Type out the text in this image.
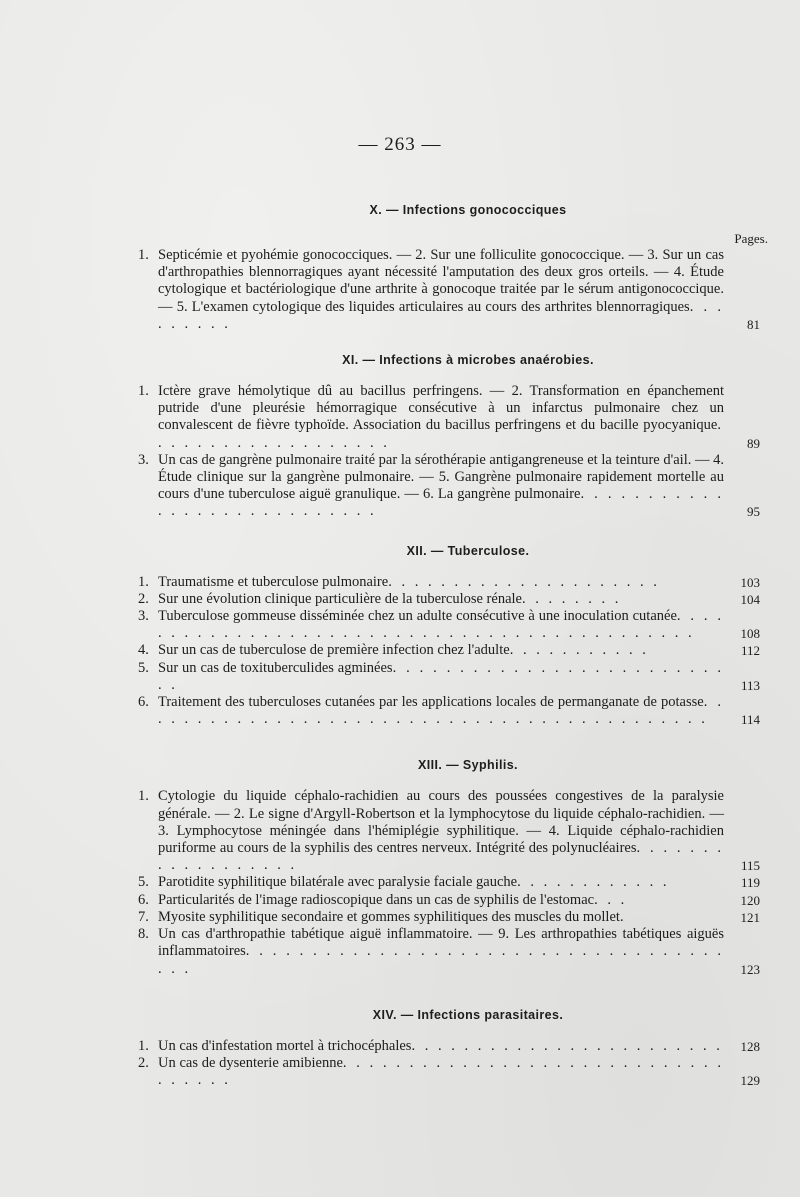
— 263 —
X. — Infections gonococciques
Pages.
1. Septicémie et pyohémie gonococciques. — 2. Sur une folliculite gonococcique. — 3. Sur un cas d'arthropathies blennorragiques ayant nécessité l'amputation des deux gros orteils. — 4. Étude cytologique et bactériologique d'une arthrite à gonocoque traitée par le sérum antigonococcique. — 5. L'examen cytologique des liquides articulaires au cours des arthrites blennorragiques. . . . . . . . .	81
XI. — Infections à microbes anaérobies.
1. Ictère grave hémolytique dû au bacillus perfringens. — 2. Transformation en épanchement putride d'une pleurésie hémorragique consécutive à un infarctus pulmonaire chez un convalescent de fièvre typhoïde. Association du bacillus perfringens et du bacille pyocyanique. . . . . . . . . . . . . . . . . . .	89
3. Un cas de gangrène pulmonaire traité par la sérothérapie antigangreneuse et la teinture d'ail. — 4. Étude clinique sur la gangrène pulmonaire. — 5. Gangrène pulmonaire rapidement mortelle au cours d'une tuberculose aiguë granulique. — 6. La gangrène pulmonaire. . . . . . . . . . . . . . . . . . . . . . . . . . . .	95
XII. — Tuberculose.
1. Traumatisme et tuberculose pulmonaire. . . . . . . . . . . . . . . . . . . . .	103
2. Sur une évolution clinique particulière de la tuberculose rénale. . . . . . . .	104
3. Tuberculose gommeuse disséminée chez un adulte consécutive à une inoculation cutanée. . . . . . . . . . . . . . . . . . . . . . . . . . . . . . . . . . . . . . . . . . . . .	108
4. Sur un cas de tuberculose de première infection chez l'adulte. . . . . . . . . . .	112
5. Sur un cas de toxituberculides agminées. . . . . . . . . . . . . . . . . . . . . . . . . . .	113
6. Traitement des tuberculoses cutanées par les applications locales de permanganate de potasse. . . . . . . . . . . . . . . . . . . . . . . . . . . . . . . . . . . . . . . . . . . .	114
XIII. — Syphilis.
1. Cytologie du liquide céphalo-rachidien au cours des poussées congestives de la paralysie générale. — 2. Le signe d'Argyll-Robertson et la lymphocytose du liquide céphalo-rachidien. — 3. Lymphocytose méningée dans l'hémiplégie syphilitique. — 4. Liquide céphalo-rachidien puriforme au cours de la syphilis des centres nerveux. Intégrité des polynucléaires. . . . . . . . . . . . . . . . . .	115
5. Parotidite syphilitique bilatérale avec paralysie faciale gauche. . . . . . . . . . . .	119
6. Particularités de l'image radioscopique dans un cas de syphilis de l'estomac. . .	120
7. Myosite syphilitique secondaire et gommes syphilitiques des muscles du mollet.	121
8. Un cas d'arthropathie tabétique aiguë inflammatoire. — 9. Les arthropathies tabétiques aiguës inflammatoires. . . . . . . . . . . . . . . . . . . . . . . . . . . . . . . . . . . . . . .	123
XIV. — Infections parasitaires.
1. Un cas d'infestation mortel à trichocéphales. . . . . . . . . . . . . . . . . . . . . . . . 128
2. Un cas de dysenterie amibienne. . . . . . . . . . . . . . . . . . . . . . . . . . . . . . . . . . .	129
